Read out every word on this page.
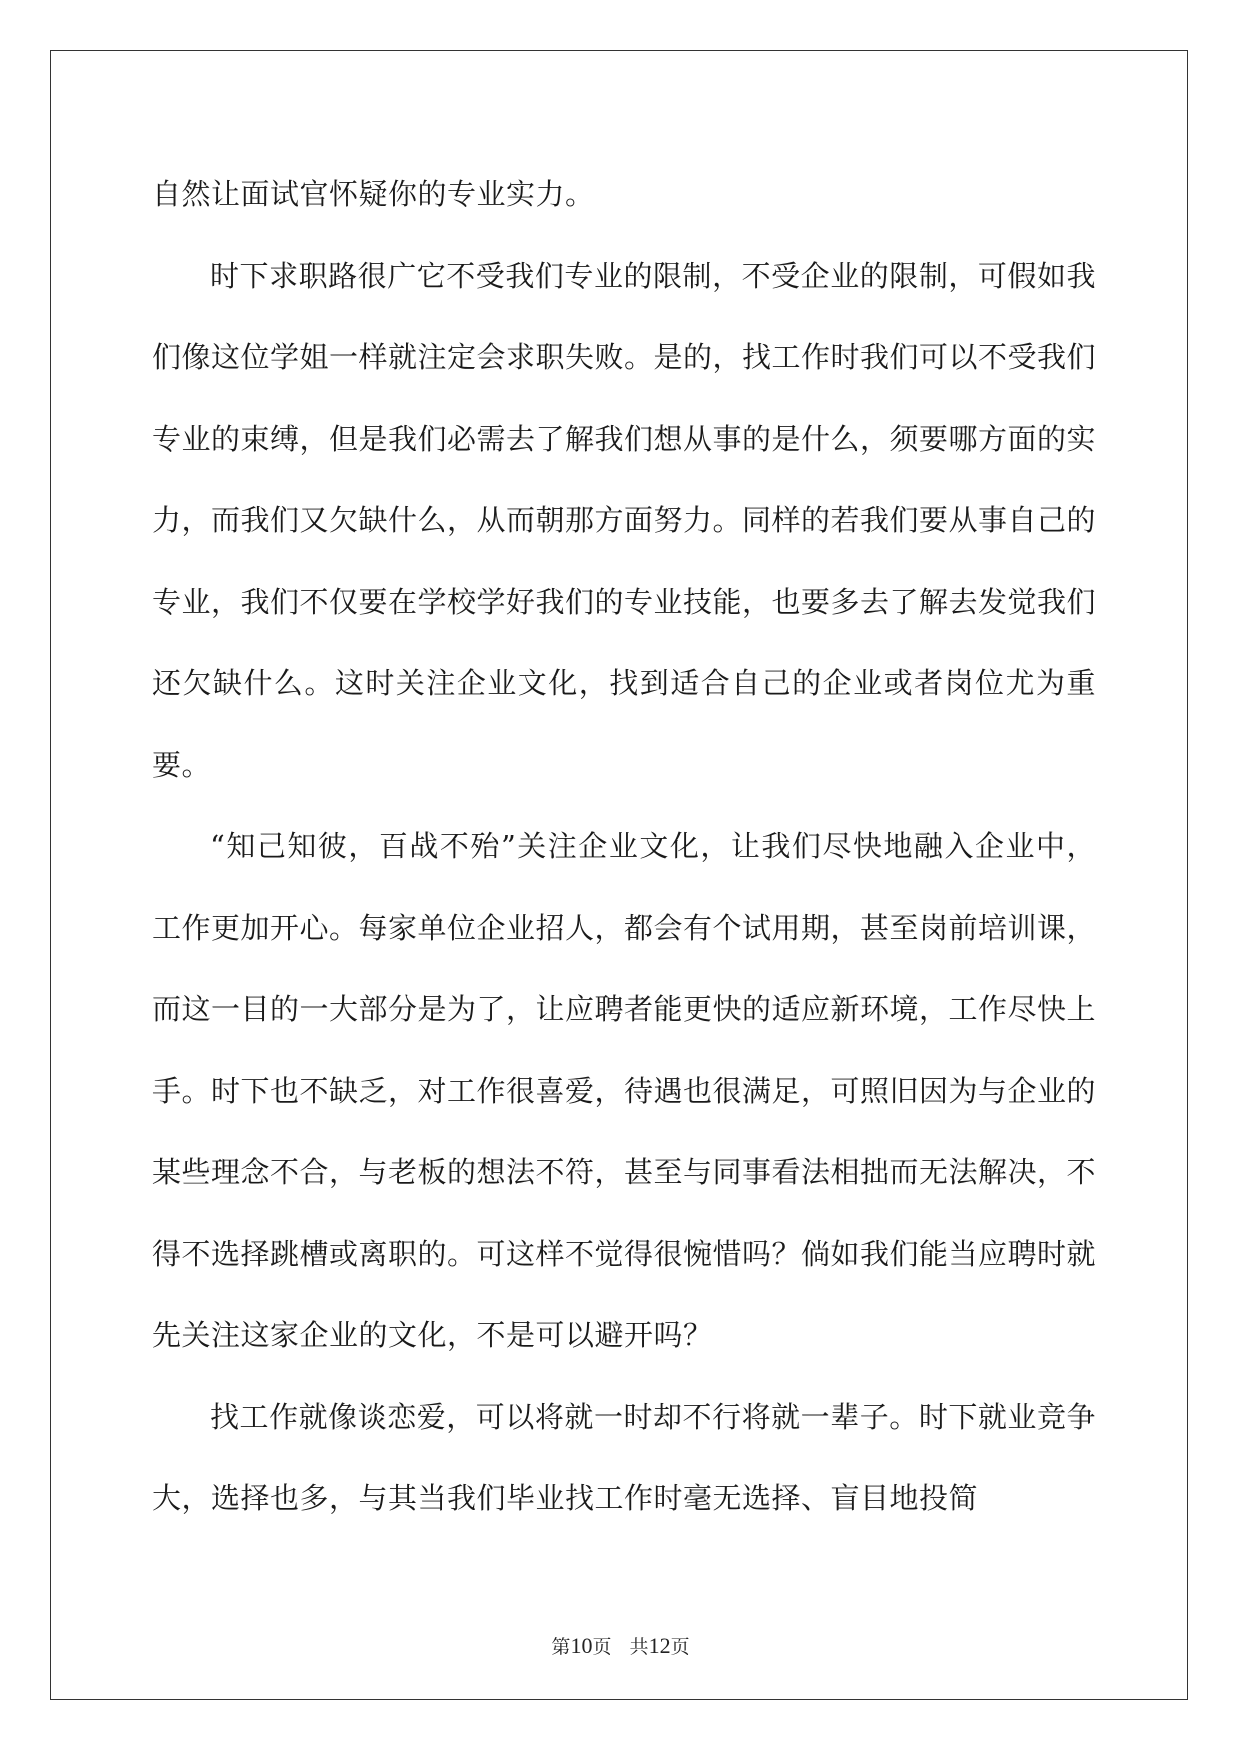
自然让面试官怀疑你的专业实力。

时下求职路很广它不受我们专业的限制，不受企业的限制，可假如我们像这位学姐一样就注定会求职失败。是的，找工作时我们可以不受我们专业的束缚，但是我们必需去了解我们想从事的是什么，须要哪方面的实力，而我们又欠缺什么，从而朝那方面努力。同样的若我们要从事自己的专业，我们不仅要在学校学好我们的专业技能，也要多去了解去发觉我们还欠缺什么。这时关注企业文化，找到适合自己的企业或者岗位尤为重要。

“知己知彼，百战不殆”关注企业文化，让我们尽快地融入企业中，工作更加开心。每家单位企业招人，都会有个试用期，甚至岗前培训课，而这一目的一大部分是为了，让应聘者能更快的适应新环境，工作尽快上手。时下也不缺乏，对工作很喜爱，待遇也很满足，可照旧因为与企业的某些理念不合，与老板的想法不符，甚至与同事看法相拙而无法解决，不得不选择跳槽或离职的。可这样不觉得很惋惜吗？倘如我们能当应聘时就先关注这家企业的文化，不是可以避开吗？

找工作就像谈恋爱，可以将就一时却不行将就一辈子。时下就业竞争大，选择也多，与其当我们毕业找工作时毫无选择、盲目地投简

第10页   共12页
